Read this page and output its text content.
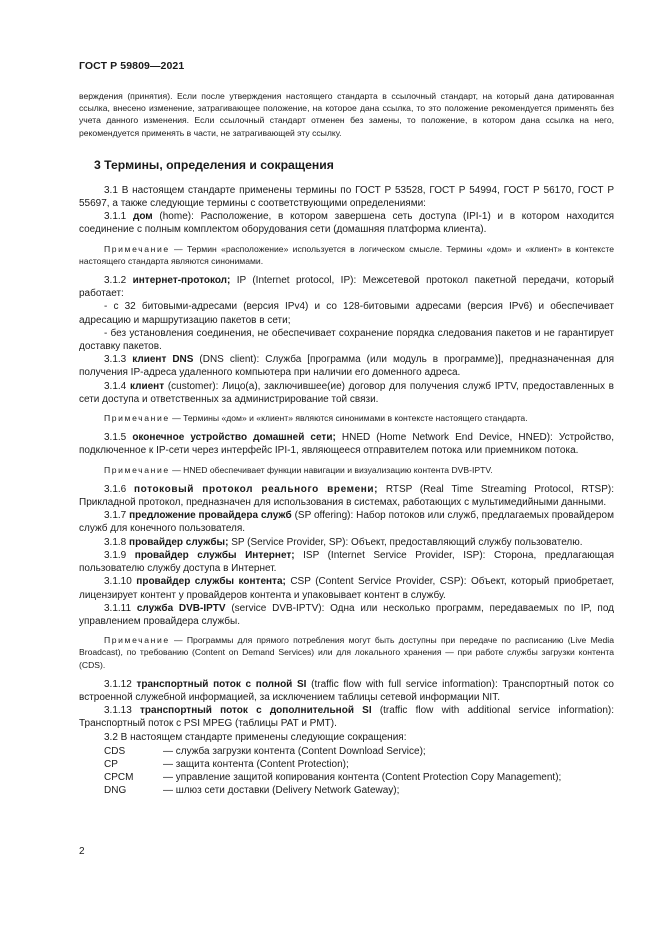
ГОСТ Р 59809—2021

верждения (принятия). Если после утверждения настоящего стандарта в ссылочный стандарт, на который дана датированная ссылка, внесено изменение, затрагивающее положение, на которое дана ссылка, то это положение рекомендуется применять без учета данного изменения. Если ссылочный стандарт отменен без замены, то положение, в котором дана ссылка на него, рекомендуется применять в части, не затрагивающей эту ссылку.

3 Термины, определения и сокращения

3.1 В настоящем стандарте применены термины по ГОСТ Р 53528, ГОСТ Р 54994, ГОСТ Р 56170, ГОСТ Р 55697, а также следующие термины с соответствующими определениями:

3.1.1 дом (home): Расположение, в котором завершена сеть доступа (IPI-1) и в котором находится соединение с полным комплектом оборудования сети (домашняя платформа клиента).

Примечание — Термин «расположение» используется в логическом смысле. Термины «дом» и «клиент» в контексте настоящего стандарта являются синонимами.

3.1.2 интернет-протокол; IP (Internet protocol, IP): Межсетевой протокол пакетной передачи, который работает:

- с 32 битовыми-адресами (версия IPv4) и со 128-битовыми адресами (версия IPv6) и обеспечивает адресацию и маршрутизацию пакетов в сети;

- без установления соединения, не обеспечивает сохранение порядка следования пакетов и не гарантирует доставку пакетов.

3.1.3 клиент DNS (DNS client): Служба [программа (или модуль в программе)], предназначенная для получения IP-адреса удаленного компьютера при наличии его доменного адреса.

3.1.4 клиент (customer): Лицо(а), заключившее(ие) договор для получения служб IPTV, предоставленных в сети доступа и ответственных за администрирование той связи.

Примечание — Термины «дом» и «клиент» являются синонимами в контексте настоящего стандарта.

3.1.5 оконечное устройство домашней сети; HNED (Home Network End Device, HNED): Устройство, подключенное к IP-сети через интерфейс IPI-1, являющееся отправителем потока или приемником потока.

Примечание — HNED обеспечивает функции навигации и визуализацию контента DVB-IPTV.

3.1.6 потоковый протокол реального времени; RTSP (Real Time Streaming Protocol, RTSP): Прикладной протокол, предназначен для использования в системах, работающих с мультимедийными данными.

3.1.7 предложение провайдера служб (SP offering): Набор потоков или служб, предлагаемых провайдером служб для конечного пользователя.

3.1.8 провайдер службы; SP (Service Provider, SP): Объект, предоставляющий службу пользователю.

3.1.9 провайдер службы Интернет; ISP (Internet Service Provider, ISP): Сторона, предлагающая пользователю службу доступа в Интернет.

3.1.10 провайдер службы контента; CSP (Content Service Provider, CSP): Объект, который приобретает, лицензирует контент у провайдеров контента и упаковывает контент в службу.

3.1.11 служба DVB-IPTV (service DVB-IPTV): Одна или несколько программ, передаваемых по IP, под управлением провайдера службы.

Примечание — Программы для прямого потребления могут быть доступны при передаче по расписанию (Live Media Broadcast), по требованию (Content on Demand Services) или для локального хранения — при работе службы загрузки контента (CDS).

3.1.12 транспортный поток с полной SI (traffic flow with full service information): Транспортный поток со встроенной служебной информацией, за исключением таблицы сетевой информации NIT.

3.1.13 транспортный поток с дополнительной SI (traffic flow with additional service information): Транспортный поток с PSI MPEG (таблицы PAT и PMT).

3.2 В настоящем стандарте применены следующие сокращения:

CDS	— служба загрузки контента (Content Download Service);
CP	— защита контента (Content Protection);
CPCM	— управление защитой копирования контента (Content Protection Copy Management);
DNG	— шлюз сети доставки (Delivery Network Gateway);
2
